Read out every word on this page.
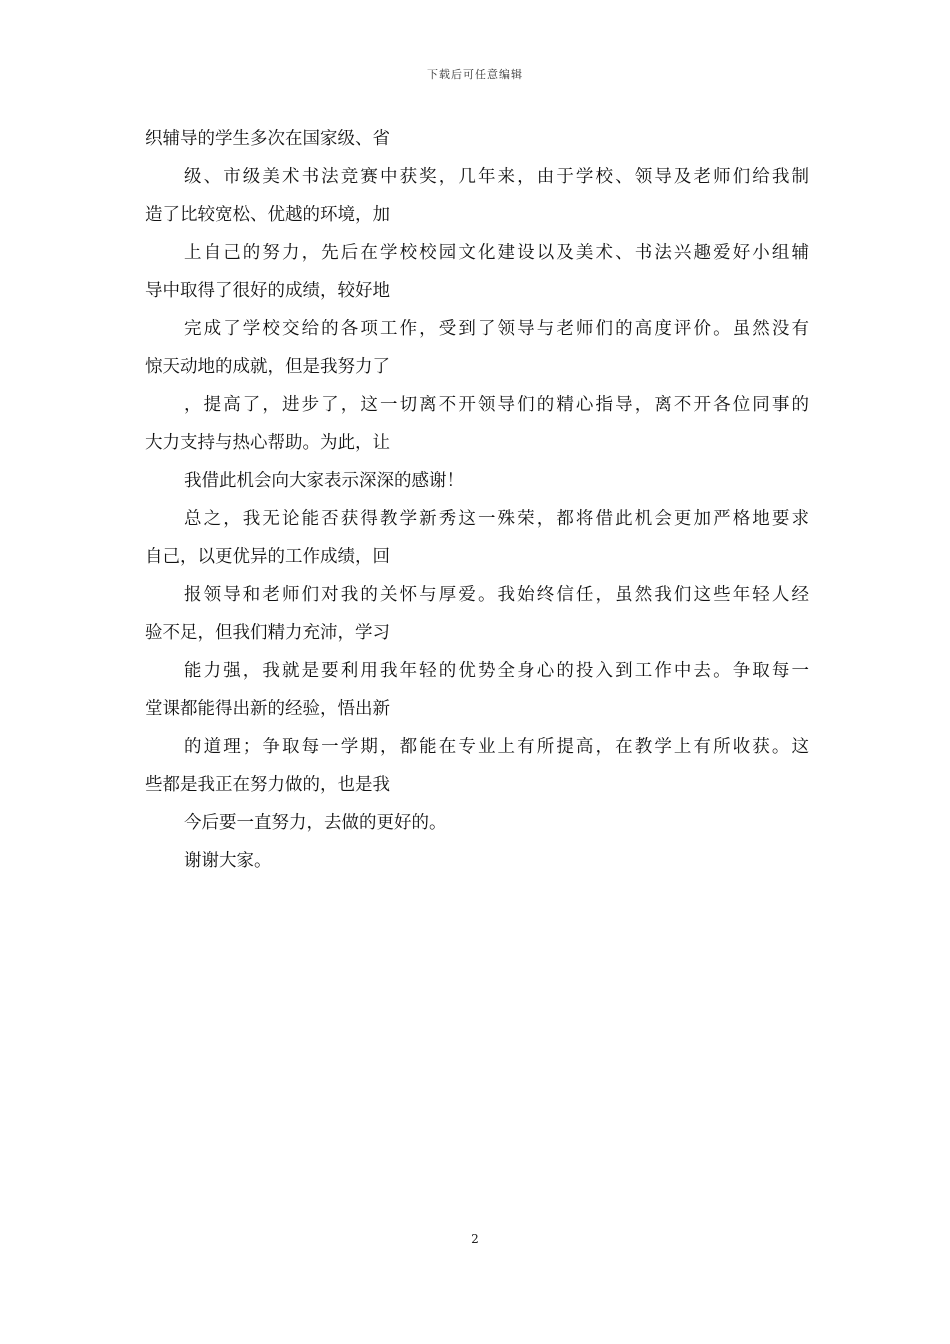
下载后可任意编辑
织辅导的学生多次在国家级、省
级、市级美术书法竞赛中获奖，几年来，由于学校、领导及老师们给我制
造了比较宽松、优越的环境，加
上自己的努力，先后在学校校园文化建设以及美术、书法兴趣爱好小组辅
导中取得了很好的成绩，较好地
完成了学校交给的各项工作，受到了领导与老师们的高度评价。虽然没有
惊天动地的成就，但是我努力了
，提高了，进步了，这一切离不开领导们的精心指导，离不开各位同事的
大力支持与热心帮助。为此，让
我借此机会向大家表示深深的感谢！
总之，我无论能否获得教学新秀这一殊荣，都将借此机会更加严格地要求
自己，以更优异的工作成绩，回
报领导和老师们对我的关怀与厚爱。我始终信任，虽然我们这些年轻人经
验不足，但我们精力充沛，学习
能力强，我就是要利用我年轻的优势全身心的投入到工作中去。争取每一
堂课都能得出新的经验，悟出新
的道理；争取每一学期，都能在专业上有所提高，在教学上有所收获。这
些都是我正在努力做的，也是我
今后要一直努力，去做的更好的。
谢谢大家。
2
